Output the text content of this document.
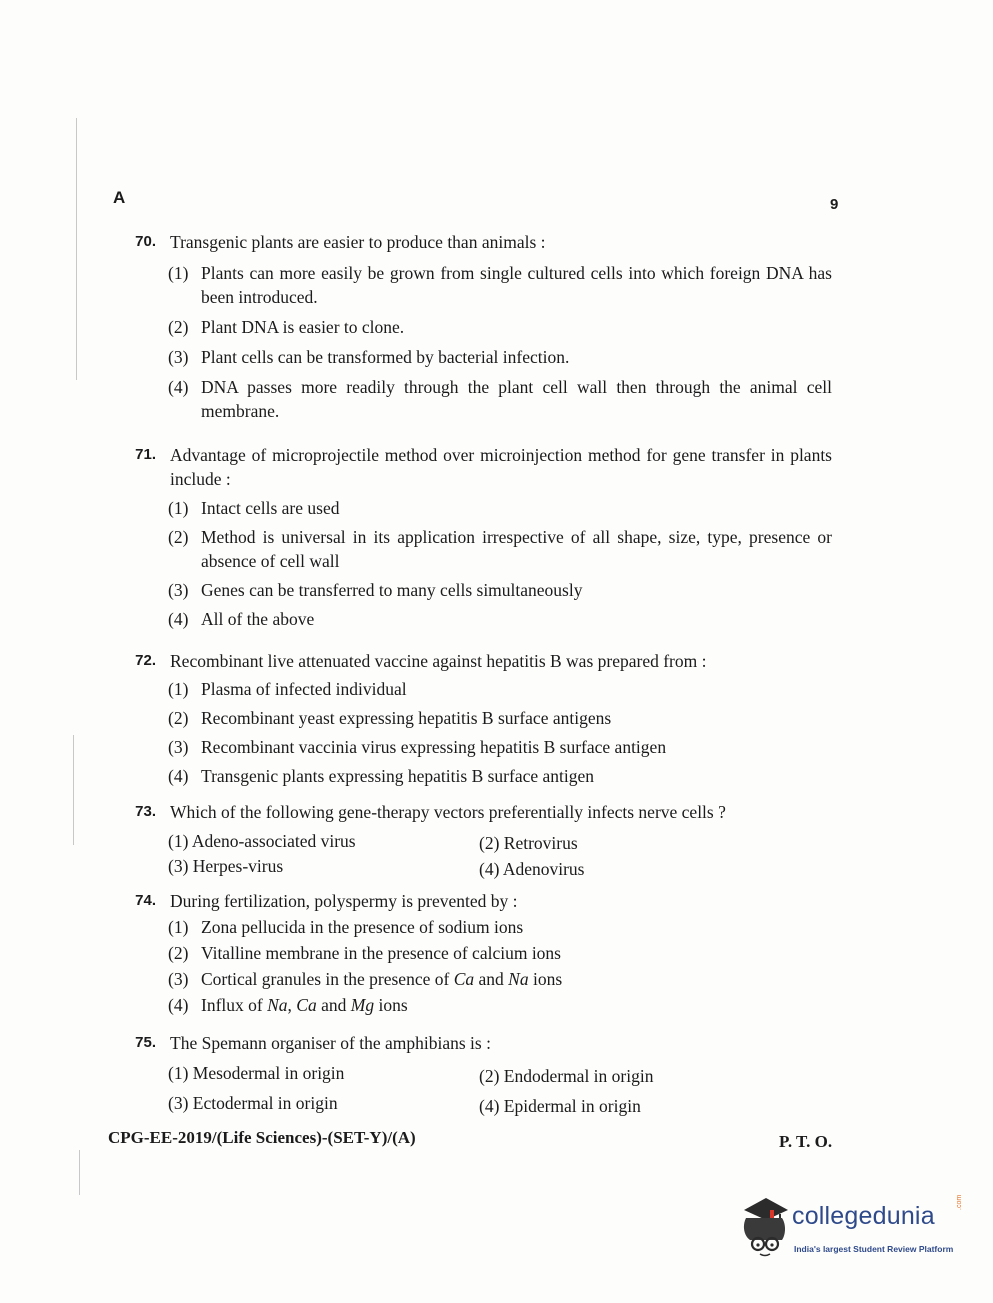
A	9
70. Transgenic plants are easier to produce than animals :
(1) Plants can more easily be grown from single cultured cells into which foreign DNA has been introduced.
(2) Plant DNA is easier to clone.
(3) Plant cells can be transformed by bacterial infection.
(4) DNA passes more readily through the plant cell wall then through the animal cell membrane.
71. Advantage of microprojectile method over microinjection method for gene transfer in plants include :
(1) Intact cells are used
(2) Method is universal in its application irrespective of all shape, size, type, presence or absence of cell wall
(3) Genes can be transferred to many cells simultaneously
(4) All of the above
72. Recombinant live attenuated vaccine against hepatitis B was prepared from :
(1) Plasma of infected individual
(2) Recombinant yeast expressing hepatitis B surface antigens
(3) Recombinant vaccinia virus expressing hepatitis B surface antigen
(4) Transgenic plants expressing hepatitis B surface antigen
73. Which of the following gene-therapy vectors preferentially infects nerve cells ?
(1) Adeno-associated virus	(2) Retrovirus
(3) Herpes-virus	(4) Adenovirus
74. During fertilization, polyspermy is prevented by :
(1) Zona pellucida in the presence of sodium ions
(2) Vitalline membrane in the presence of calcium ions
(3) Cortical granules in the presence of Ca and Na ions
(4) Influx of Na, Ca and Mg ions
75. The Spemann organiser of the amphibians is :
(1) Mesodermal in origin	(2) Endodermal in origin
(3) Ectodermal in origin	(4) Epidermal in origin
CPG-EE-2019/(Life Sciences)-(SET-Y)/(A)	P. T. O.
collegedunia	.com
India's largest Student Review Platform
